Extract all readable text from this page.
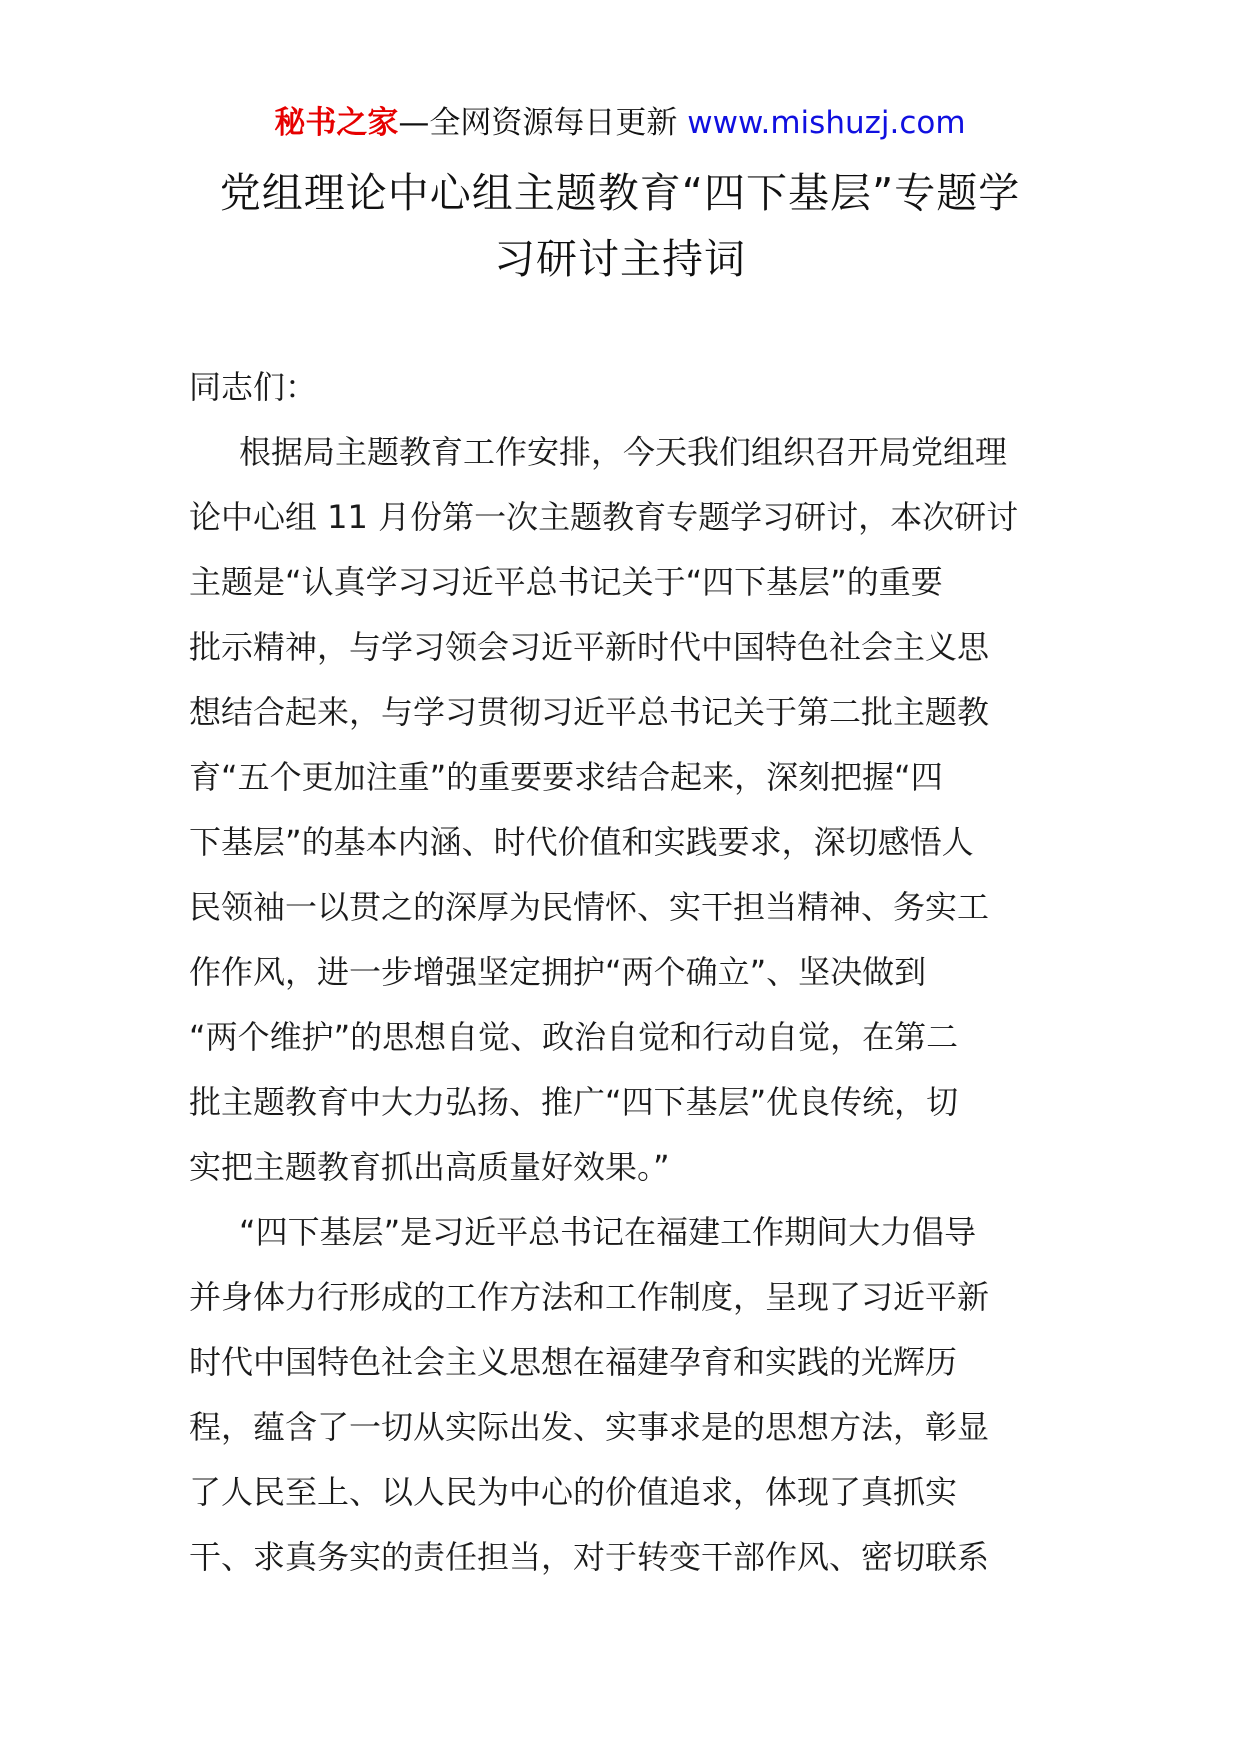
秘书之家—全网资源每日更新 www.mishuzj.com
党组理论中心组主题教育“四下基层”专题学
习研讨主持词
同志们：
根据局主题教育工作安排，今天我们组织召开局党组理
论中心组 11 月份第一次主题教育专题学习研讨，本次研讨
主题是“认真学习习近平总书记关于“四下基层”的重要
批示精神，与学习领会习近平新时代中国特色社会主义思
想结合起来，与学习贯彻习近平总书记关于第二批主题教
育“五个更加注重”的重要要求结合起来，深刻把握“四
下基层”的基本内涵、时代价值和实践要求，深切感悟人
民领袖一以贯之的深厚为民情怀、实干担当精神、务实工
作作风，进一步增强坚定拥护“两个确立”、坚决做到
“两个维护”的思想自觉、政治自觉和行动自觉，在第二
批主题教育中大力弘扬、推广“四下基层”优良传统，切
实把主题教育抓出高质量好效果。”
“四下基层”是习近平总书记在福建工作期间大力倡导
并身体力行形成的工作方法和工作制度，呈现了习近平新
时代中国特色社会主义思想在福建孕育和实践的光辉历
程，蕴含了一切从实际出发、实事求是的思想方法，彰显
了人民至上、以人民为中心的价值追求，体现了真抓实
干、求真务实的责任担当，对于转变干部作风、密切联系
